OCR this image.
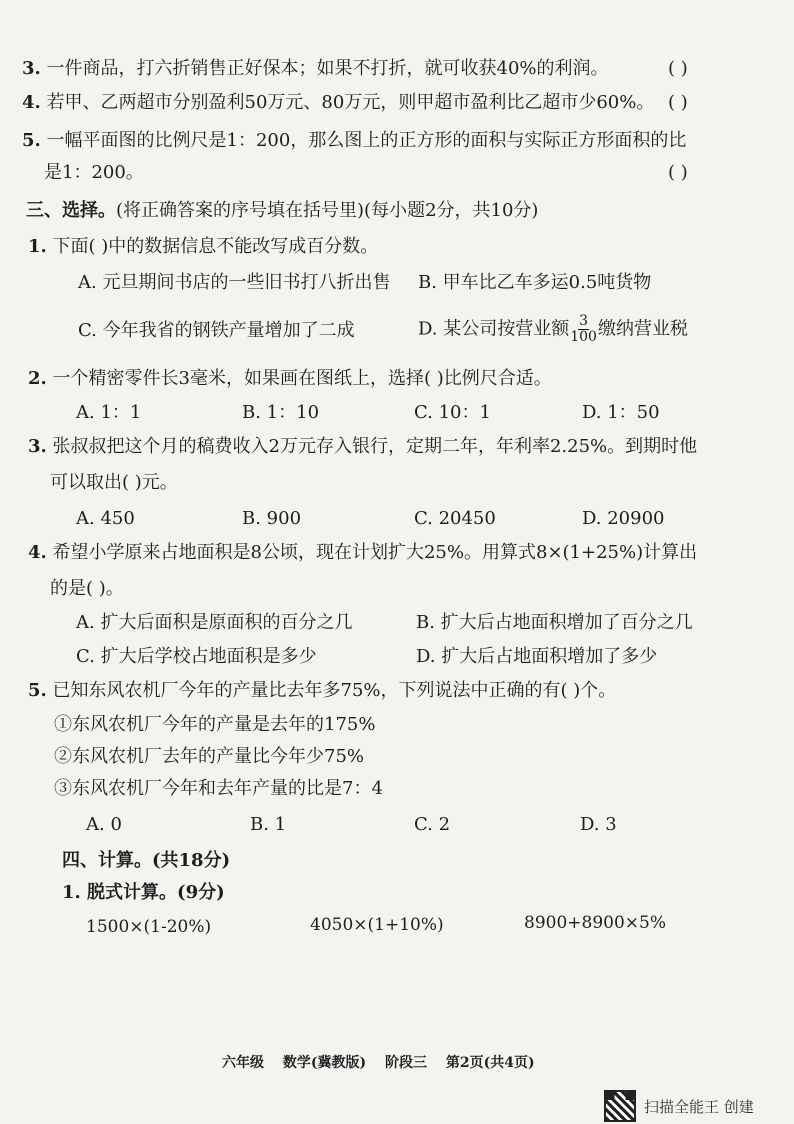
3. 一件商品，打六折销售正好保本；如果不打折，就可收获40%的利润。	( )
4. 若甲、乙两超市分别盈利50万元、80万元，则甲超市盈利比乙超市少60%。 ( )
5. 一幅平面图的比例尺是1：200，那么图上的正方形的面积与实际正方形面积的比
是1：200。	( )
三、选择。(将正确答案的序号填在括号里)(每小题2分，共10分)
1. 下面( )中的数据信息不能改写成百分数。
A. 元旦期间书店的一些旧书打八折出售 B. 甲车比乙车多运0.5吨货物
C. 今年我省的钢铁产量增加了二成	D. 某公司按营业额 $\frac{3}{100}$ 缴纳营业税
2. 一个精密零件长3毫米，如果画在图纸上，选择( )比例尺合适。
A. 1：1	B. 1：10	C. 10：1	D. 1：50
3. 张叔叔把这个月的稿费收入2万元存入银行，定期二年，年利率2.25%。到期时他
可以取出( )元。
A. 450	B. 900	C. 20450	D. 20900
4. 希望小学原来占地面积是8公顷，现在计划扩大25%。用算式8×(1+25%)计算出
的是( )。
A. 扩大后面积是原面积的百分之几	B. 扩大后占地面积增加了百分之几
C. 扩大后学校占地面积是多少	D. 扩大后占地面积增加了多少
5. 已知东风农机厂今年的产量比去年多75%，下列说法中正确的有( )个。
①东风农机厂今年的产量是去年的175%
②东风农机厂去年的产量比今年少75%
③东风农机厂今年和去年产量的比是7：4
A. 0	B. 1	C. 2	D. 3
四、计算。(共18分)
1. 脱式计算。(9分)
1500×(1-20%)	4050×(1+10%)	8900+8900×5%
六年级 数学(冀教版) 阶段三 第2页(共4页)
扫描全能王 创建
